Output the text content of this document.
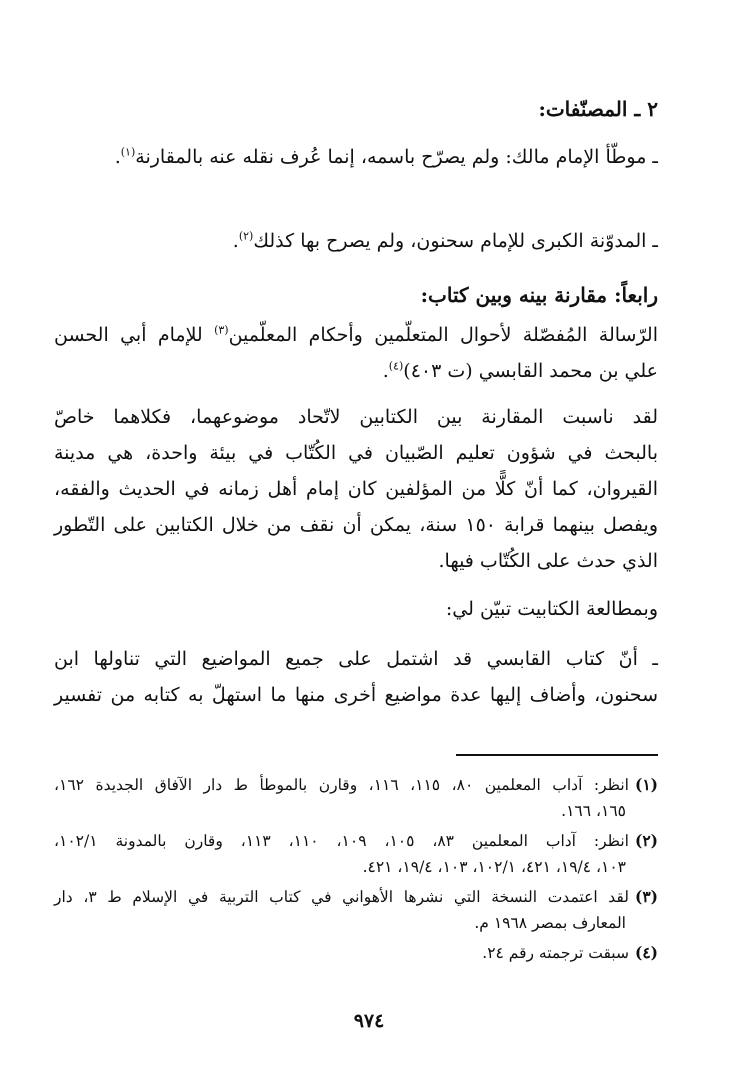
٢ ـ المصنّفات:
ـ موطّأ الإمام مالك: ولم يصرّح باسمه، إنما عُرف نقله عنه بالمقارنة$^{(١)}$.
ـ المدوّنة الكبرى للإمام سحنون، ولم يصرح بها كذلك$^{(٢)}$.
رابعاً: مقارنة بينه وبين كتاب:
الرّسالة المُفصّلة لأحوال المتعلّمين وأحكام المعلّمين$^{(٣)}$ للإمام أبي الحسن
علي بن محمد القابسي (ت ٤٠٣)$^{(٤)}$.
لقد ناسبت المقارنة بين الكتابين لاتّحاد موضوعهما، فكلاهما خاصّ
بالبحث في شؤون تعليم الصّبيان في الكُتّاب في بيئة واحدة، هي مدينة
القيروان، كما أنّ كلًّا من المؤلفين كان إمام أهل زمانه في الحديث والفقه،
ويفصل بينهما قرابة ١٥٠ سنة، يمكن أن نقف من خلال الكتابين على التّطور
الذي حدث على الكُتّاب فيها.
وبمطالعة الكتابيت تبيّن لي:
ـ أنّ كتاب القابسي قد اشتمل على جميع المواضيع التي تناولها ابن
سحنون، وأضاف إليها عدة مواضيع أخرى منها ما استهلّ به كتابه من تفسير
(١)انظر: آداب المعلمين ٨٠، ١١٥، ١١٦، وقارن بالموطأ ط دار الآفاق الجديدة ١٦٢،
١٦٥، ١٦٦.
(٢)انظر: آداب المعلمين ٨٣، ١٠٥، ١٠٩، ١١٠، ١١٣، وقارن بالمدونة ١٠٢/١،
١٠٣، ١٩/٤، ٤٢١، ١٠٢/١، ١٠٣، ١٩/٤، ٤٢١.
(٣)لقد اعتمدت النسخة التي نشرها الأهواني في كتاب التربية في الإسلام ط ٣، دار
المعارف بمصر ١٩٦٨ م.
(٤)سبقت ترجمته رقم ٢٤.
٩٧٤
